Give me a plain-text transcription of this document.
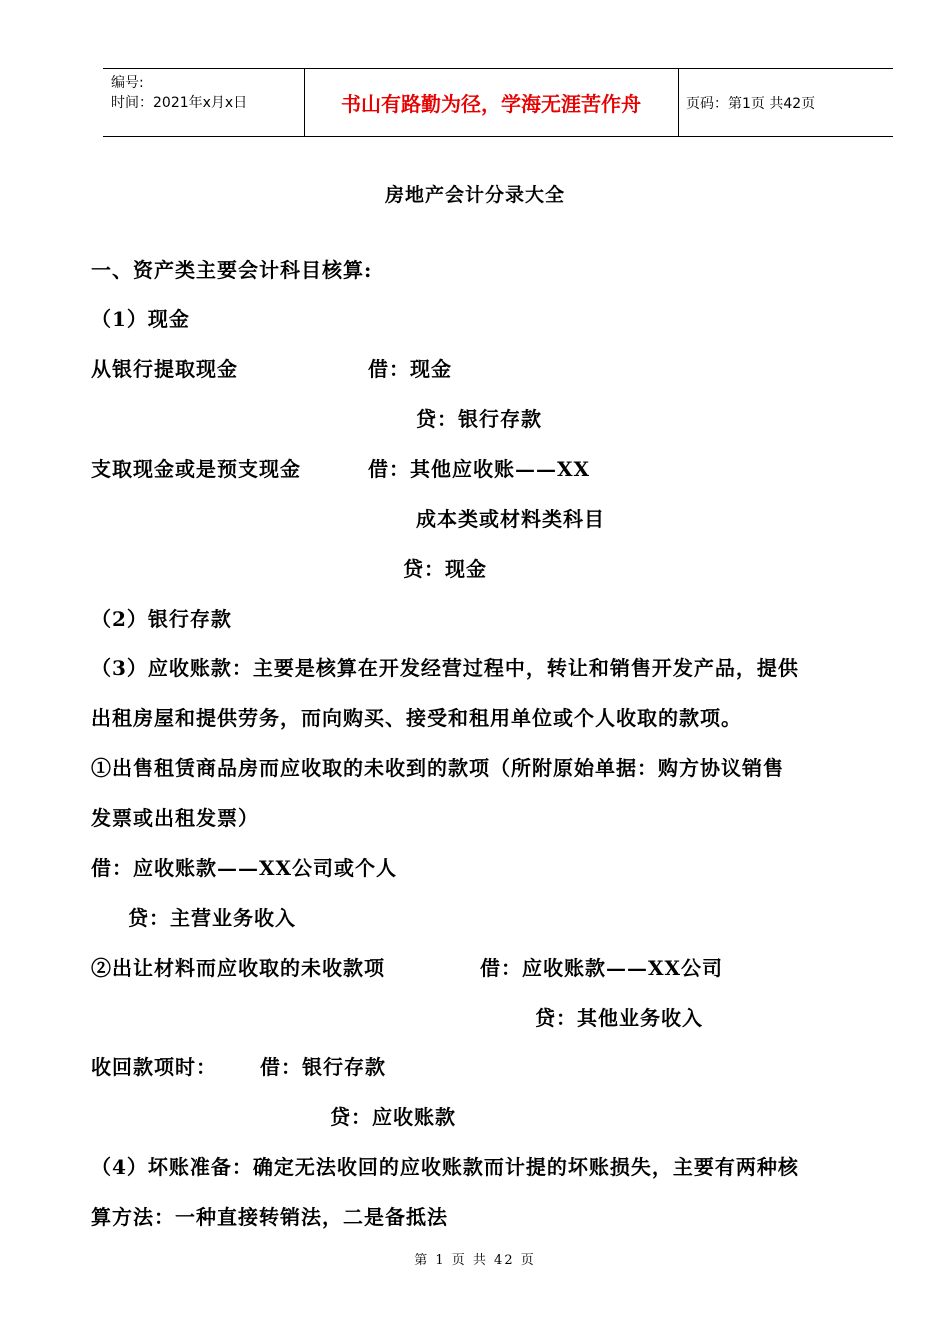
编号:
时间：2021年x月x日	书山有路勤为径，学海无涯苦作舟	页码：第1页 共42页
房地产会计分录大全
一、资产类主要会计科目核算:
（1）现金
从银行提取现金	借：现金
贷：银行存款
支取现金或是预支现金	借：其他应收账——XX
成本类或材料类科目
贷：现金
（2）银行存款
（3）应收账款：主要是核算在开发经营过程中，转让和销售开发产品，提供
出租房屋和提供劳务，而向购买、接受和租用单位或个人收取的款项。
①出售租赁商品房而应收取的未收到的款项（所附原始单据：购方协议销售
发票或出租发票）
借：应收账款——XX公司或个人
贷：主营业务收入
②出让材料而应收取的未收款项	借：应收账款——XX公司
贷：其他业务收入
收回款项时： 借：银行存款
贷：应收账款
（4）坏账准备：确定无法收回的应收账款而计提的坏账损失，主要有两种核
算方法：一种直接转销法，二是备抵法
第 1 页 共 42 页
